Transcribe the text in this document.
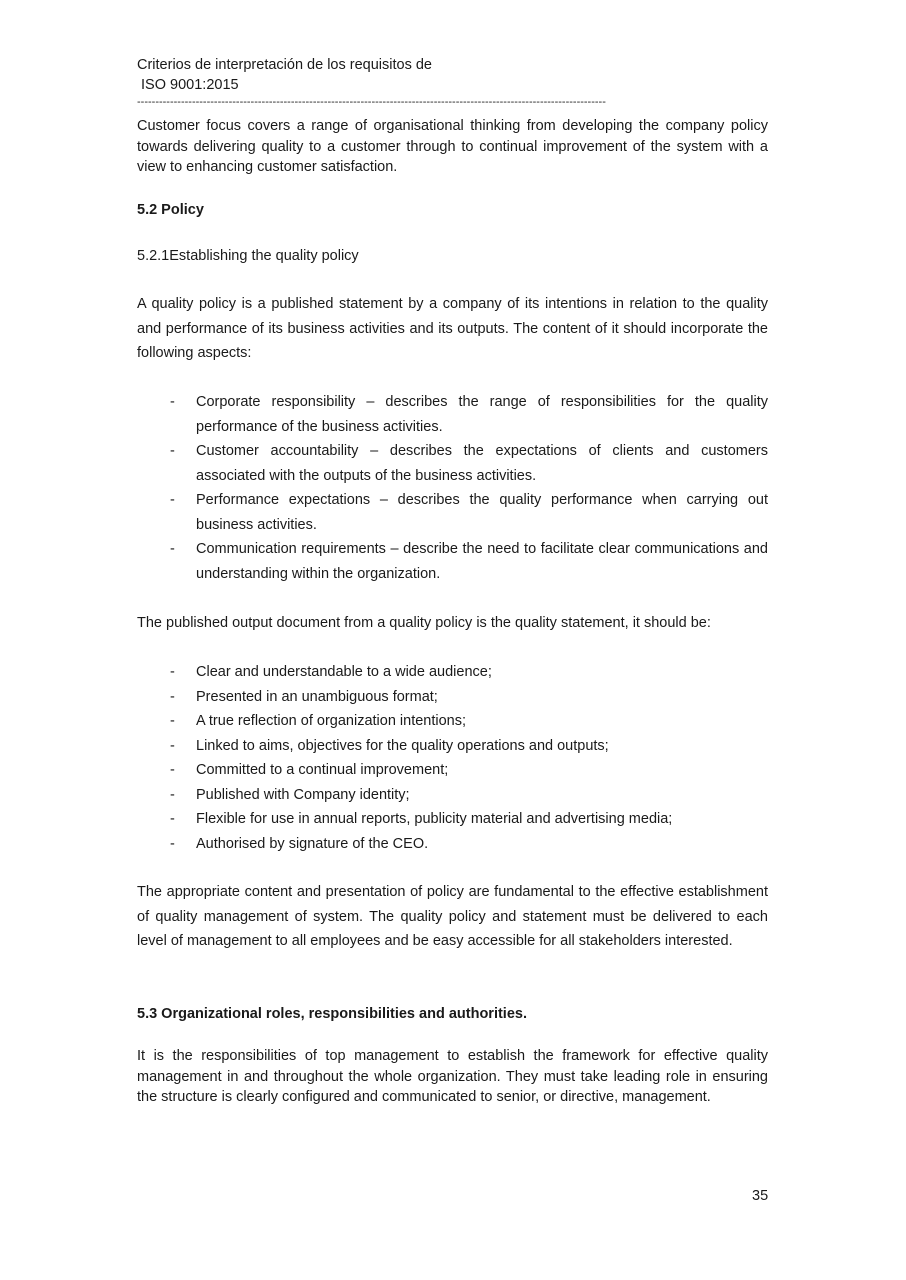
Criterios de interpretación de los requisitos de
ISO 9001:2015
--------------------------------------------------------------------------------------------------------------------------------
Customer focus covers a range of organisational thinking from developing the company policy towards delivering quality to a customer through to continual improvement of the system with a view to enhancing customer satisfaction.
5.2 Policy
5.2.1Establishing the quality policy
A quality policy is a published statement by a company of its intentions in relation to the quality and performance of its business activities and its outputs. The content of it should incorporate the following aspects:
- Corporate responsibility – describes the range of responsibilities for the quality performance of the business activities.
- Customer accountability – describes the expectations of clients and customers associated with the outputs of the business activities.
- Performance expectations – describes the quality performance when carrying out business activities.
- Communication requirements – describe the need to facilitate clear communications and understanding within the organization.
The published output document from a quality policy is the quality statement, it should be:
- Clear and understandable to a wide audience;
- Presented in an unambiguous format;
- A true reflection of organization intentions;
- Linked to aims, objectives for the quality operations and outputs;
- Committed to a continual improvement;
- Published with Company identity;
- Flexible for use in annual reports, publicity material and advertising media;
- Authorised by signature of the CEO.
The appropriate content and presentation of policy are fundamental to the effective establishment of quality management of system. The quality policy and statement must be delivered to each level of management to all employees and be easy accessible for all stakeholders interested.
5.3 Organizational roles, responsibilities and authorities.
It is the responsibilities of top management to establish the framework for effective quality management in and throughout the whole organization. They must take leading role in ensuring the structure is clearly configured and communicated to senior, or directive, management.
35
